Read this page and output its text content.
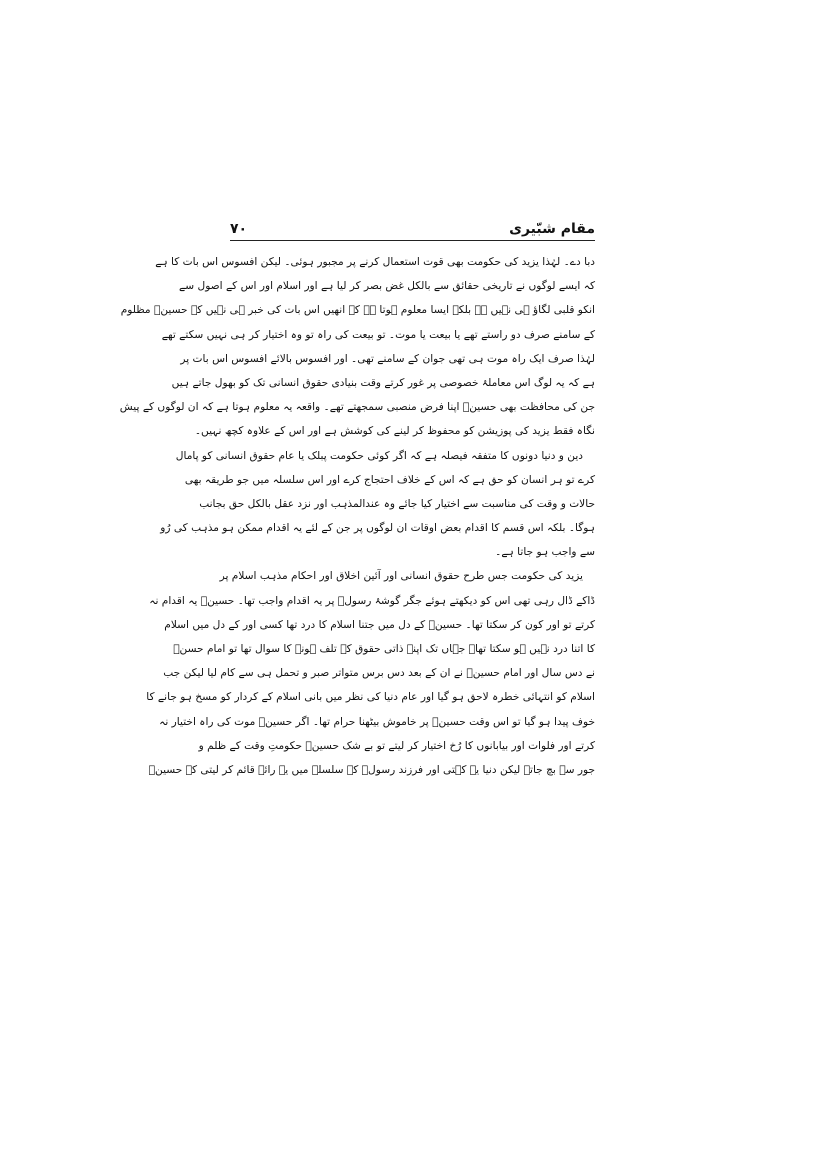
مقام شبّیری
۷۰
دبا دے۔ لہٰذا یزید کی حکومت بھی قوت استعمال کرنے پر مجبور ہوئی۔ لیکن افسوس اس بات کا ہے
کہ ایسے لوگوں نے تاریخی حقائق سے بالکل غض بصر کر لیا ہے اور اسلام اور اس کے اصول سے
انکو قلبی لگاؤ ہی نہیں ہے بلکہ ایسا معلوم ہوتا ہے کہ انھیں اس بات کی خبر ہی نہیں کہ حسینؑ مظلوم
کے سامنے صرف دو راستے تھے یا بیعت یا موت۔ تو بیعت کی راہ تو وہ اختیار کر ہی نہیں سکتے تھے
لہٰذا صرف ایک راہ موت ہی تھی جوان کے سامنے تھی۔ اور افسوس بالائے افسوس اس بات پر
ہے کہ یہ لوگ اس معاملۂ خصوصی پر غور کرتے وقت بنیادی حقوق انسانی تک کو بھول جاتے ہیں
جن کی محافظت بھی حسینؑ اپنا فرض منصبی سمجھتے تھے۔ واقعہ یہ معلوم ہوتا ہے کہ ان لوگوں کے پیش
نگاہ فقط یزید کی پوزیشن کو محفوظ کر لینے کی کوشش ہے اور اس کے علاوہ کچھ نہیں۔
دین و دنیا دونوں کا متفقہ فیصلہ ہے کہ اگر کوئی حکومت پبلک یا عام حقوق انسانی کو پامال
کرے تو ہر انسان کو حق ہے کہ اس کے خلاف احتجاج کرے اور اس سلسلہ میں جو طریقہ بھی
حالات و وقت کی مناسبت سے اختیار کیا جائے وہ عندالمذہب اور نزد عقل بالکل حق بجانب
ہوگا۔ بلکہ اس قسم کا اقدام بعض اوقات ان لوگوں پر جن کے لئے یہ اقدام ممکن ہو مذہب کی رُو
سے واجب ہو جاتا ہے۔
یزید کی حکومت جس طرح حقوق انسانی اور آئین اخلاق اور احکام مذہب اسلام پر
ڈاکے ڈال رہی تھی اس کو دیکھتے ہوئے جگر گوشۂ رسولؐ پر یہ اقدام واجب تھا۔ حسینؑ یہ اقدام نہ
کرتے تو اور کون کر سکتا تھا۔ حسینؑ کے دل میں جتنا اسلام کا درد تھا کسی اور کے دل میں اسلام
کا اتنا درد نہیں ہو سکتا تھا۔ جہاں تک اپنے ذاتی حقوق کے تلف ہونے کا سوال تھا تو امام حسنؑ
نے دس سال اور امام حسینؑ نے ان کے بعد دس برس متواتر صبر و تحمل ہی سے کام لیا لیکن جب
اسلام کو انتہائی خطرہ لاحق ہو گیا اور عام دنیا کی نظر میں بانی اسلام کے کردار کو مسخ ہو جانے کا
خوف پیدا ہو گیا تو اس وقت حسینؑ پر خاموش بیٹھنا حرام تھا۔ اگر حسینؑ موت کی راہ اختیار نہ
کرتے اور فلوات اور بیابانوں کا رُخ اختیار کر لیتے تو بے شک حسینؑ حکومتِ وقت کے ظلم و
جور سے بچ جاتے لیکن دنیا یہ کہتی اور فرزند رسولؐ کے سلسلے میں یہ رائے قائم کر لیتی کہ حسینؑ
